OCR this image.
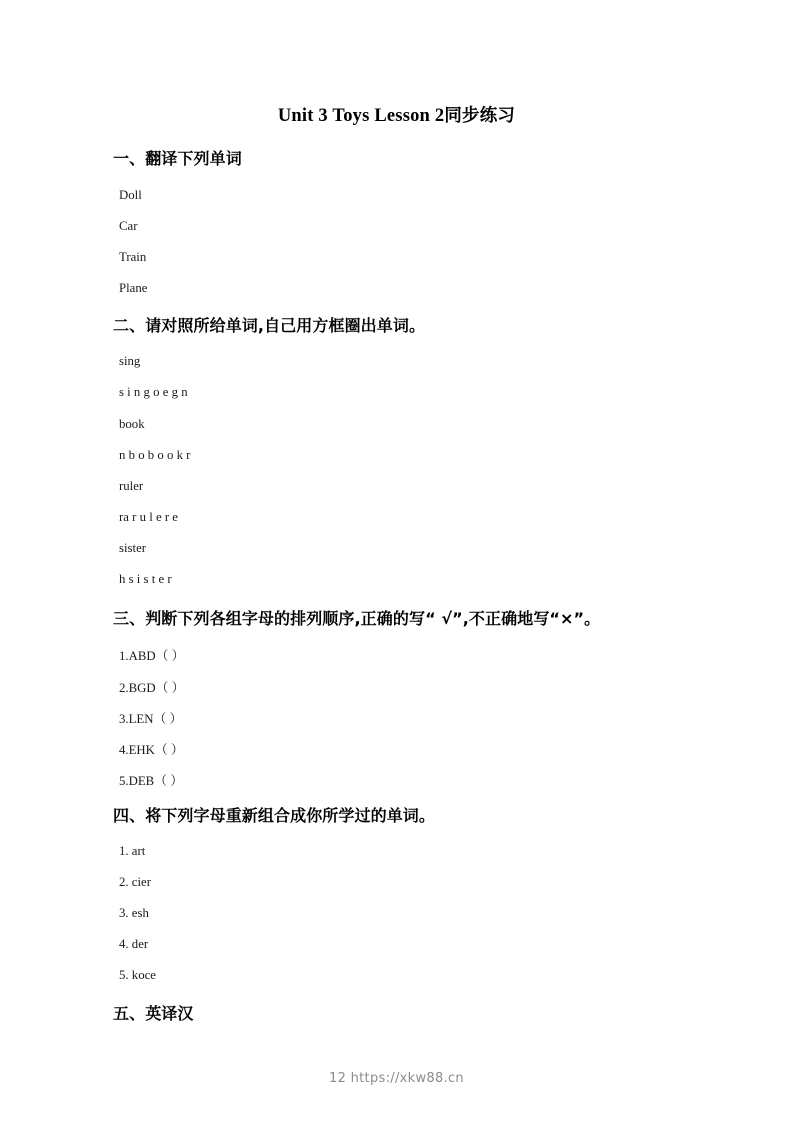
Unit 3 Toys Lesson 2同步练习
一、翻译下列单词
Doll
Car
Train
Plane
二、请对照所给单词,自己用方框圈出单词。
sing
s i n g o e g n
book
n b o b o o k r
ruler
ra r u l e r e
sister
h s i s t e r
三、判断下列各组字母的排列顺序,正确的写“ √”,不正确地写“×”。
1.ABD（ ）
2.BGD（ ）
3.LEN（ ）
4.EHK（ ）
5.DEB（ ）
四、将下列字母重新组合成你所学过的单词。
1. art
2. cier
3. esh
4. der
5. koce
五、英译汉
12 https://xkw88.cn
